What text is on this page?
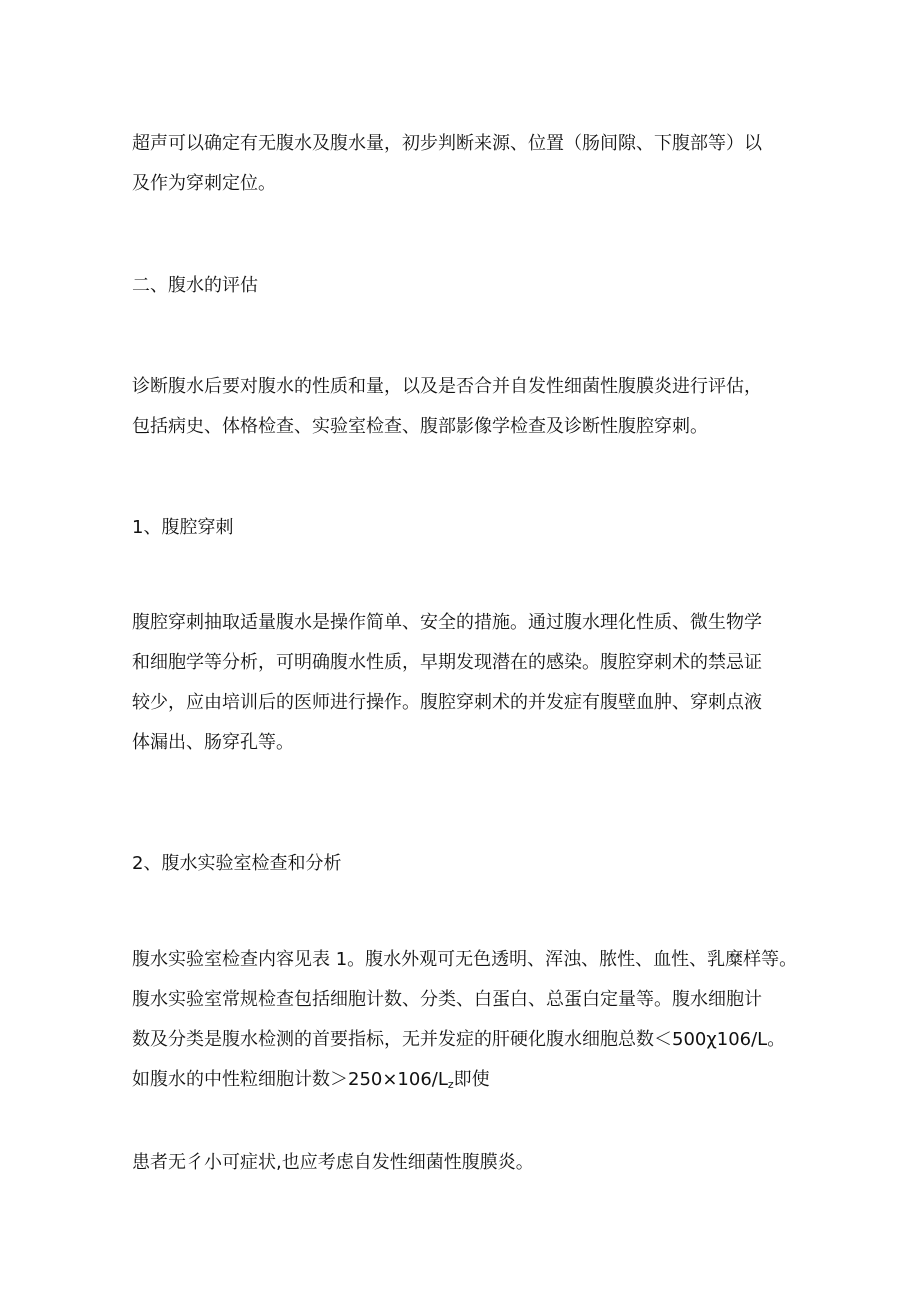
超声可以确定有无腹水及腹水量，初步判断来源、位置（肠间隙、下腹部等）以
及作为穿刺定位。

二、腹水的评估

诊断腹水后要对腹水的性质和量，以及是否合并自发性细菌性腹膜炎进行评估，
包括病史、体格检查、实验室检查、腹部影像学检查及诊断性腹腔穿刺。

1、腹腔穿刺

腹腔穿刺抽取适量腹水是操作简单、安全的措施。通过腹水理化性质、微生物学
和细胞学等分析，可明确腹水性质，早期发现潜在的感染。腹腔穿刺术的禁忌证
较少，应由培训后的医师进行操作。腹腔穿刺术的并发症有腹壁血肿、穿刺点液
体漏出、肠穿孔等。

2、腹水实验室检查和分析

腹水实验室检查内容见表 1。腹水外观可无色透明、浑浊、脓性、血性、乳糜样等。
腹水实验室常规检查包括细胞计数、分类、白蛋白、总蛋白定量等。腹水细胞计
数及分类是腹水检测的首要指标，无并发症的肝硬化腹水细胞总数＜500χ106/L。
如腹水的中性粒细胞计数$>250\times 106/L_z$即使

患者无彳小可症状,也应考虑自发性细菌性腹膜炎。
